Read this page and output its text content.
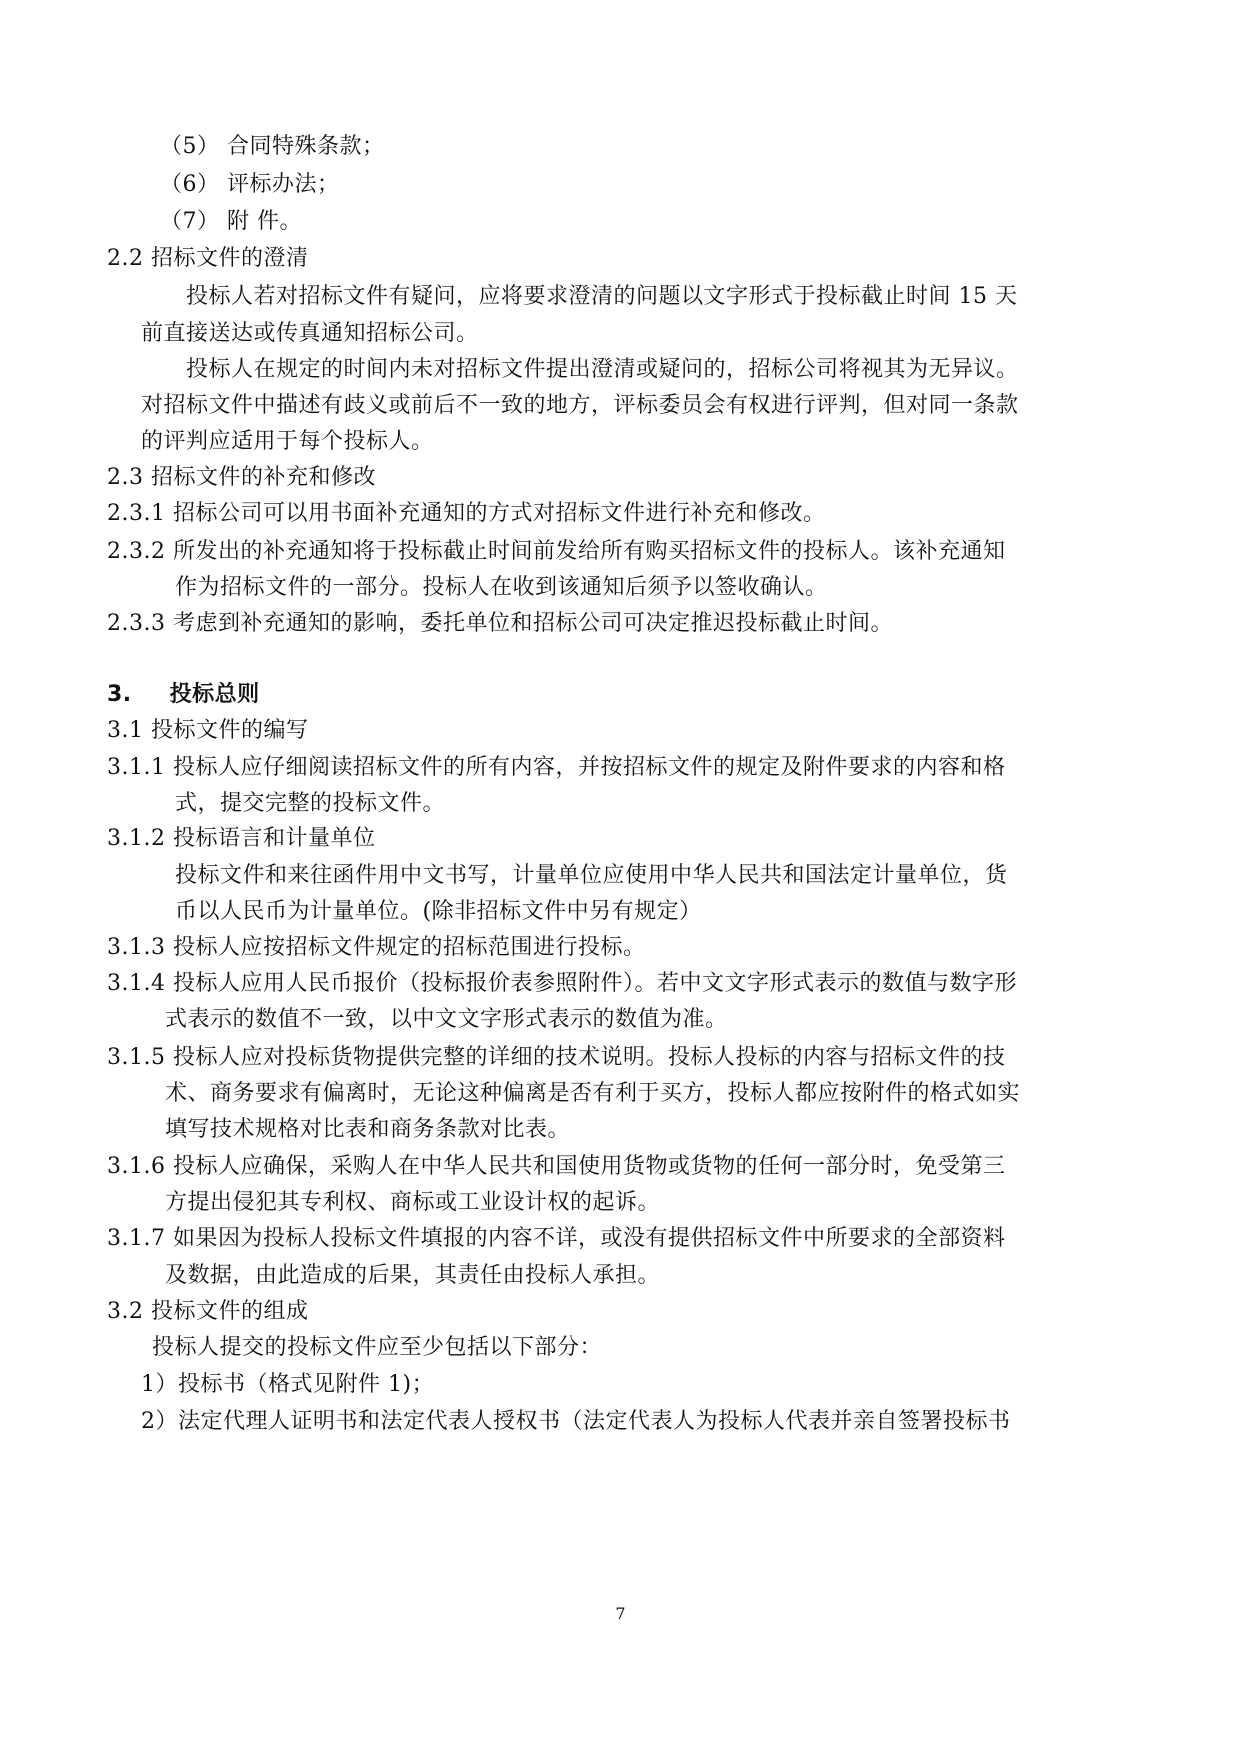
（5） 合同特殊条款；
（6） 评标办法；
（7） 附 件。
2.2 招标文件的澄清
投标人若对招标文件有疑问，应将要求澄清的问题以文字形式于投标截止时间 15 天
前直接送达或传真通知招标公司。
投标人在规定的时间内未对招标文件提出澄清或疑问的，招标公司将视其为无异议。
对招标文件中描述有歧义或前后不一致的地方，评标委员会有权进行评判，但对同一条款
的评判应适用于每个投标人。
2.3 招标文件的补充和修改
2.3.1 招标公司可以用书面补充通知的方式对招标文件进行补充和修改。
2.3.2 所发出的补充通知将于投标截止时间前发给所有购买招标文件的投标人。该补充通知
作为招标文件的一部分。投标人在收到该通知后须予以签收确认。
2.3.3 考虑到补充通知的影响，委托单位和招标公司可决定推迟投标截止时间。
3. 投标总则
3.1 投标文件的编写
3.1.1 投标人应仔细阅读招标文件的所有内容，并按招标文件的规定及附件要求的内容和格
式，提交完整的投标文件。
3.1.2 投标语言和计量单位
投标文件和来往函件用中文书写，计量单位应使用中华人民共和国法定计量单位，货
币以人民币为计量单位。(除非招标文件中另有规定）
3.1.3 投标人应按招标文件规定的招标范围进行投标。
3.1.4 投标人应用人民币报价（投标报价表参照附件）。若中文文字形式表示的数值与数字形
式表示的数值不一致，以中文文字形式表示的数值为准。
3.1.5 投标人应对投标货物提供完整的详细的技术说明。投标人投标的内容与招标文件的技
术、商务要求有偏离时，无论这种偏离是否有利于买方，投标人都应按附件的格式如实
填写技术规格对比表和商务条款对比表。
3.1.6 投标人应确保，采购人在中华人民共和国使用货物或货物的任何一部分时，免受第三
方提出侵犯其专利权、商标或工业设计权的起诉。
3.1.7 如果因为投标人投标文件填报的内容不详，或没有提供招标文件中所要求的全部资料
及数据，由此造成的后果，其责任由投标人承担。
3.2 投标文件的组成
投标人提交的投标文件应至少包括以下部分：
1）投标书（格式见附件 1)；
2）法定代理人证明书和法定代表人授权书（法定代表人为投标人代表并亲自签署投标书
7
